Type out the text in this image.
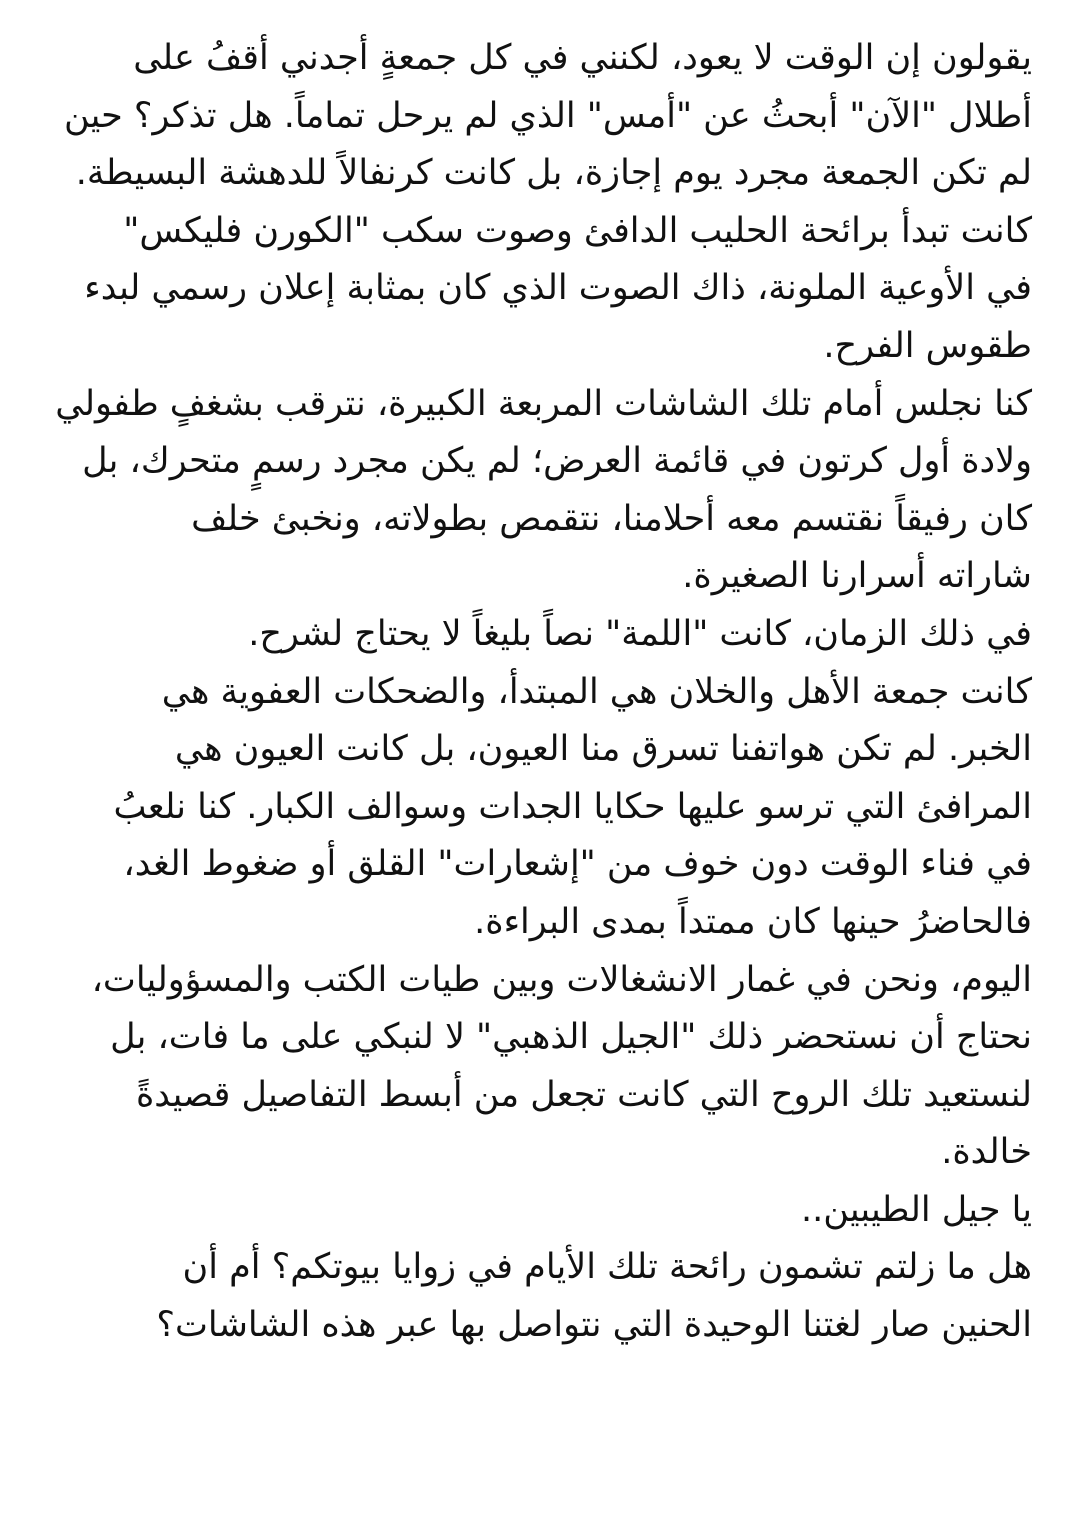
يقولون إن الوقت لا يعود، لكنني في كل جمعةٍ أجدني أقفُ على
أطلال "الآن" أبحثُ عن "أمس" الذي لم يرحل تماماً. هل تذكر؟ حين
لم تكن الجمعة مجرد يوم إجازة، بل كانت كرنفالاً للدهشة البسيطة.
كانت تبدأ برائحة الحليب الدافئ وصوت سكب "الكورن فليكس"
في الأوعية الملونة، ذاك الصوت الذي كان بمثابة إعلان رسمي لبدء
طقوس الفرح.
كنا نجلس أمام تلك الشاشات المربعة الكبيرة، نترقب بشغفٍ طفولي
ولادة أول كرتون في قائمة العرض؛ لم يكن مجرد رسمٍ متحرك، بل
كان رفيقاً نقتسم معه أحلامنا، نتقمص بطولاته، ونخبئ خلف
شاراته أسرارنا الصغيرة.
في ذلك الزمان، كانت "اللمة" نصاً بليغاً لا يحتاج لشرح.
كانت جمعة الأهل والخلان هي المبتدأ، والضحكات العفوية هي
الخبر. لم تكن هواتفنا تسرق منا العيون، بل كانت العيون هي
المرافئ التي ترسو عليها حكايا الجدات وسوالف الكبار. كنا نلعبُ
في فناء الوقت دون خوف من "إشعارات" القلق أو ضغوط الغد،
فالحاضرُ حينها كان ممتداً بمدى البراءة.
اليوم، ونحن في غمار الانشغالات وبين طيات الكتب والمسؤوليات،
نحتاج أن نستحضر ذلك "الجيل الذهبي" لا لنبكي على ما فات، بل
لنستعيد تلك الروح التي كانت تجعل من أبسط التفاصيل قصيدةً
خالدة.
يا جيل الطيبين..
هل ما زلتم تشمون رائحة تلك الأيام في زوايا بيوتكم؟ أم أن
الحنين صار لغتنا الوحيدة التي نتواصل بها عبر هذه الشاشات؟
